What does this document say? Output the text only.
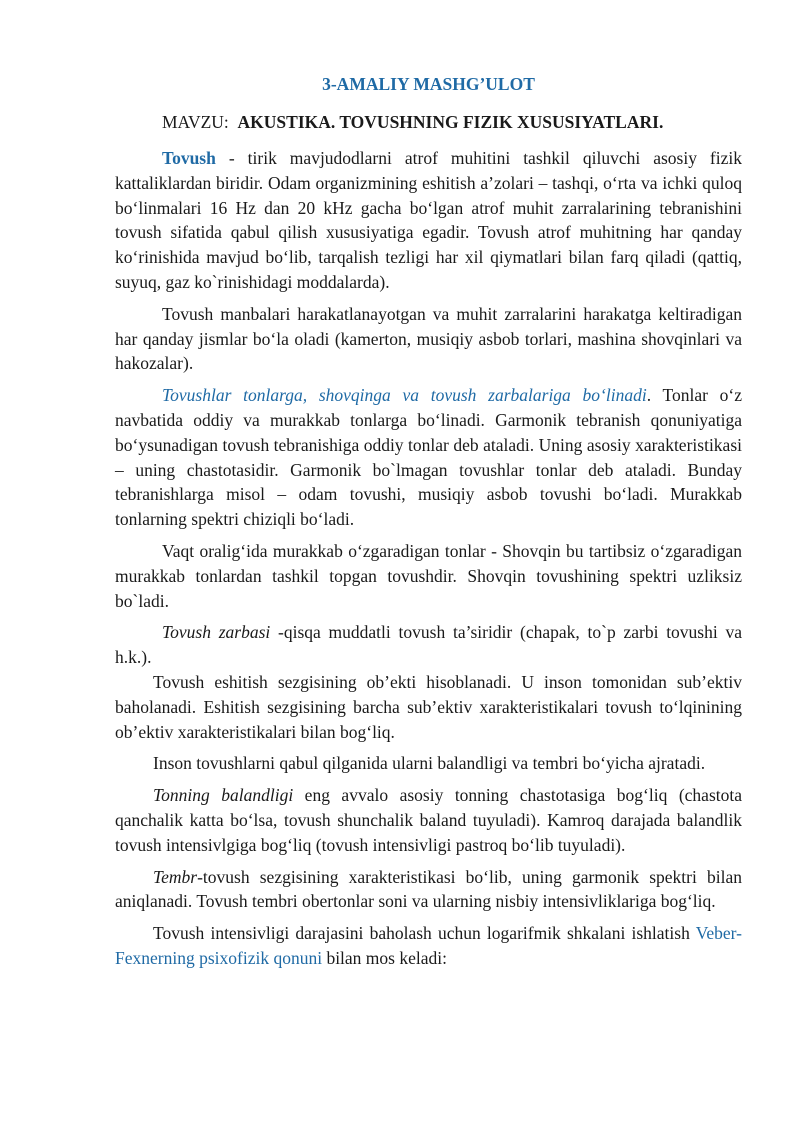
3-AMALIY MASHG’ULOT
MAVZU: AKUSTIKA. TOVUSHNING FIZIK XUSUSIYATLARI.

Tovush - tirik mavjudodlarni atrof muhitini tashkil qiluvchi asosiy fizik kattaliklardan biridir. Odam organizmining eshitish a’zolari – tashqi, o‘rta va ichki quloq bo‘linmalari 16 Hz dan 20 kHz gacha bo‘lgan atrof muhit zarralarining tebranishini tovush sifatida qabul qilish xususiyatiga egadir. Tovush atrof muhitning har qanday ko‘rinishida mavjud bo‘lib, tarqalish tezligi har xil qiymatlari bilan farq qiladi (qattiq, suyuq, gaz ko`rinishidagi moddalarda).

Tovush manbalari harakatlanayotgan va muhit zarralarini harakatga keltiradigan har qanday jismlar bo‘la oladi (kamerton, musiqiy asbob torlari, mashina shovqinlari va hakozalar).

Tovushlar tonlarga, shovqinga va tovush zarbalariga bo‘linadi. Tonlar o‘z navbatida oddiy va murakkab tonlarga bo‘linadi. Garmonik tebranish qonuniyatiga bo‘ysunadigan tovush tebranishiga oddiy tonlar deb ataladi. Uning asosiy xarakteristikasi – uning chastotasidir. Garmonik bo`lmagan tovushlar tonlar deb ataladi. Bunday tebranishlarga misol – odam tovushi, musiqiy asbob tovushi bo‘ladi. Murakkab tonlarning spektri chiziqli bo‘ladi.

Vaqt oralig‘ida murakkab o‘zgaradigan tonlar - Shovqin bu tartibsiz o‘zgaradigan murakkab tonlardan tashkil topgan tovushdir. Shovqin tovushining spektri uzliksiz bo`ladi.

Tovush zarbasi -qisqa muddatli tovush ta’siridir (chapak, to`p zarbi tovushi va h.k.).

Tovush eshitish sezgisining ob’ekti hisoblanadi. U inson tomonidan sub’ektiv baholanadi. Eshitish sezgisining barcha sub’ektiv xarakteristikalari tovush to‘lqinining ob’ektiv xarakteristikalari bilan bog‘liq.

Inson tovushlarni qabul qilganida ularni balandligi va tembri bo‘yicha ajratadi.

Tonning balandligi eng avvalo asosiy tonning chastotasiga bog‘liq (chastota qanchalik katta bo‘lsa, tovush shunchalik baland tuyuladi). Kamroq darajada balandlik tovush intensivlgiga bog‘liq (tovush intensivligi pastroq bo‘lib tuyuladi).

Tembr-tovush sezgisining xarakteristikasi bo‘lib, uning garmonik spektri bilan aniqlanadi. Tovush tembri obertonlar soni va ularning nisbiy intensivliklariga bog‘liq.

Tovush intensivligi darajasini baholash uchun logarifmik shkalani ishlatish Veber-Fexnerning psixofizik qonuni bilan mos keladi:
